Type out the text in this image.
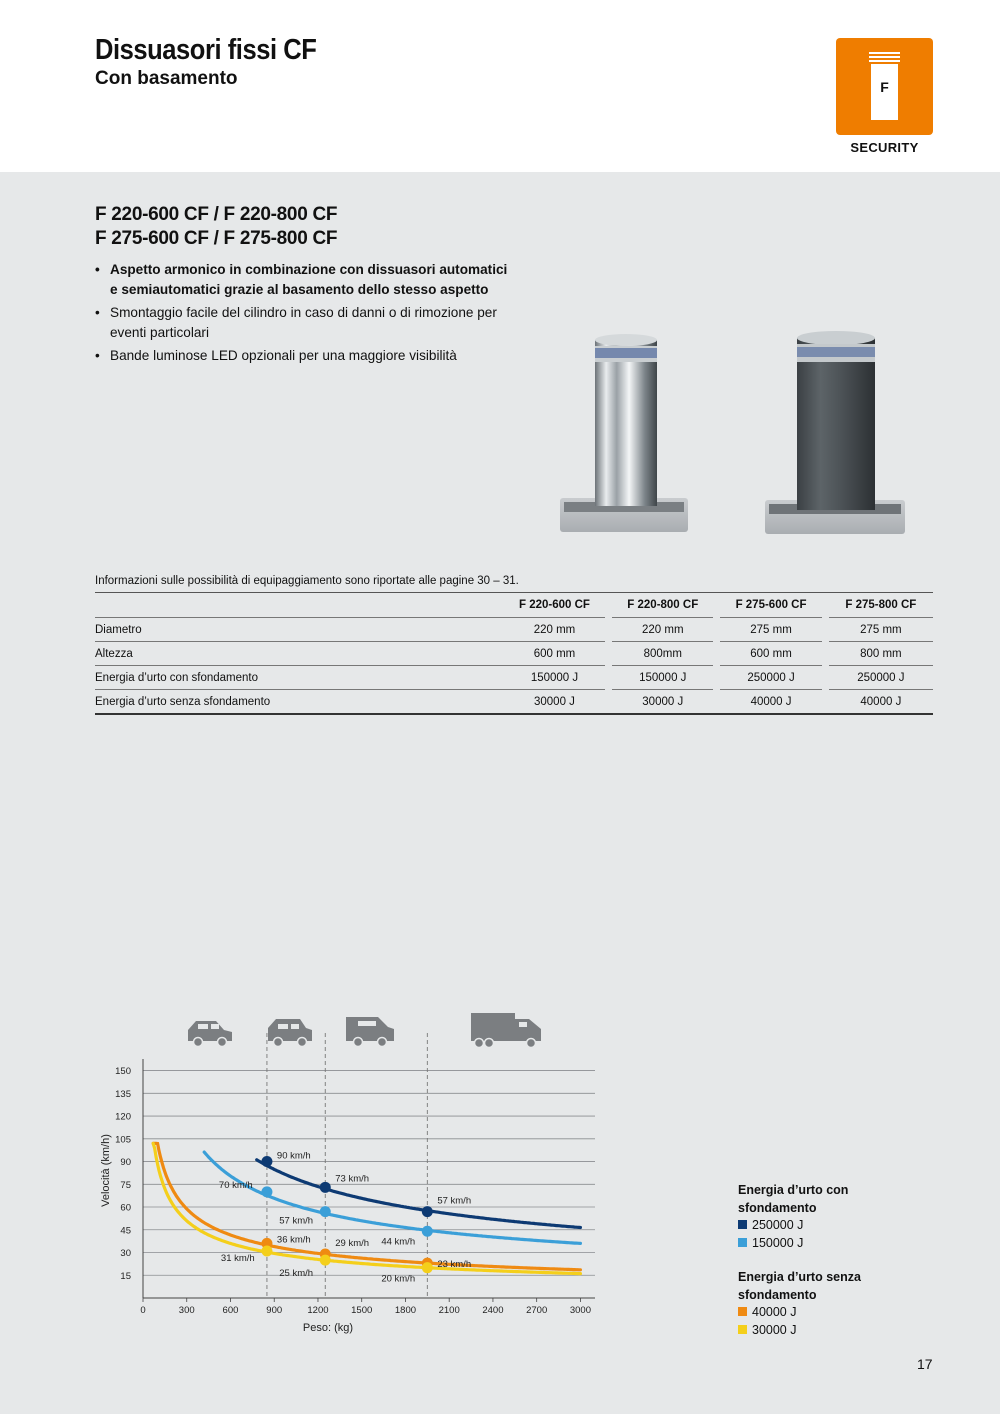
Dissuasori fissi CF
Con basamento	F
SECURITY
F 220-600 CF / F 220-800 CF
F 275-600 CF / F 275-800 CF
• Aspetto armonico in combinazione con dissuasori automatici e semiautomatici grazie al basamento dello stesso aspetto
• Smontaggio facile del cilindro in caso di danni o di rimozione per eventi particolari
• Bande luminose LED opzionali per una maggiore visibilità
Informazioni sulle possibilità di equipaggiamento sono riportate alle pagine 30 – 31.
	F 220-600 CF		F 220-800 CF		F 275-600 CF		F 275-800 CF
Diametro	220 mm		220 mm		275 mm		275 mm
Altezza	600 mm		800mm		600 mm		800 mm
Energia d’urto con sfondamento	150000 J		150000 J		250000 J		250000 J
Energia d’urto senza sfondamento	30000 J		30000 J		40000 J		40000 J
15
30
45
60
75
90
105
120
135
150
0	300	600	900	1200 1500 1800 2100 2400 2700 3000
Peso: (kg)
Velocità (km/h)	90 km/h
73 km/h
57 km/h
70 km/h
57 km/h
44 km/h
36 km/h	29 km/h
23 km/h
31 km/h
25 km/h
20 km/h
Energia d’urto con sfondamento
250000 J
150000 J
Energia d’urto senza sfondamento
40000 J
30000 J
17
